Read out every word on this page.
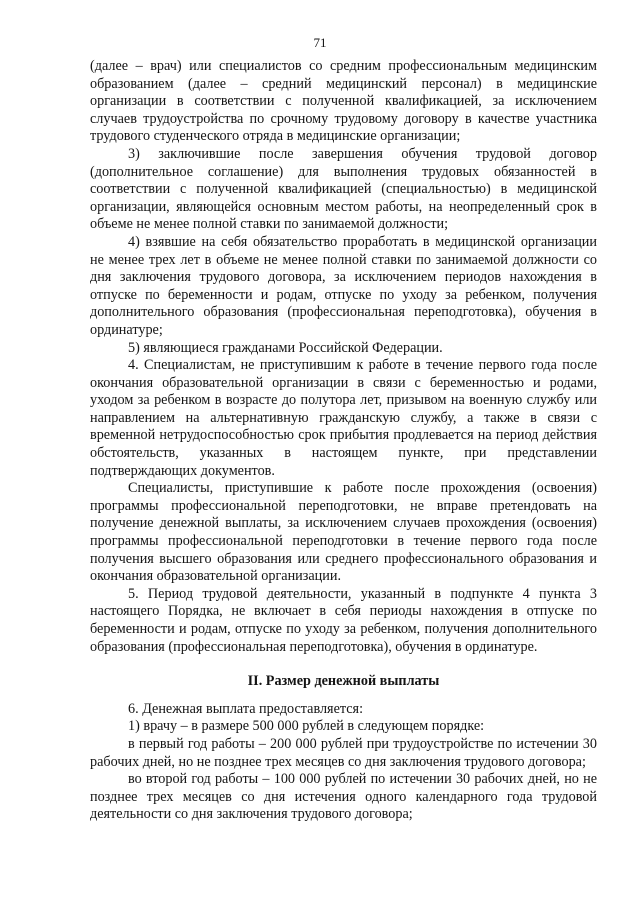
71

(далее – врач) или специалистов со средним профессиональным медицинским образованием (далее – средний медицинский персонал) в медицинские организации в соответствии с полученной квалификацией, за исключением случаев трудоустройства по срочному трудовому договору в качестве участника трудового студенческого отряда в медицинские организации;

3) заключившие после завершения обучения трудовой договор (дополнительное соглашение) для выполнения трудовых обязанностей в соответствии с полученной квалификацией (специальностью) в медицинской организации, являющейся основным местом работы, на неопределенный срок в объеме не менее полной ставки по занимаемой должности;

4) взявшие на себя обязательство проработать в медицинской организации не менее трех лет в объеме не менее полной ставки по занимаемой должности со дня заключения трудового договора, за исключением периодов нахождения в отпуске по беременности и родам, отпуске по уходу за ребенком, получения дополнительного образования (профессиональная переподготовка), обучения в ординатуре;

5) являющиеся гражданами Российской Федерации.

4. Специалистам, не приступившим к работе в течение первого года после окончания образовательной организации в связи с беременностью и родами, уходом за ребенком в возрасте до полутора лет, призывом на военную службу или направлением на альтернативную гражданскую службу, а также в связи с временной нетрудоспособностью срок прибытия продлевается на период действия обстоятельств, указанных в настоящем пункте, при представлении подтверждающих документов.

Специалисты, приступившие к работе после прохождения (освоения) программы профессиональной переподготовки, не вправе претендовать на получение денежной выплаты, за исключением случаев прохождения (освоения) программы профессиональной переподготовки в течение первого года после получения высшего образования или среднего профессионального образования и окончания образовательной организации.

5. Период трудовой деятельности, указанный в подпункте 4 пункта 3 настоящего Порядка, не включает в себя периоды нахождения в отпуске по беременности и родам, отпуске по уходу за ребенком, получения дополнительного образования (профессиональная переподготовка), обучения в ординатуре.

II. Размер денежной выплаты

6. Денежная выплата предоставляется:

1) врачу – в размере 500 000 рублей в следующем порядке:

в первый год работы – 200 000 рублей при трудоустройстве по истечении 30 рабочих дней, но не позднее трех месяцев со дня заключения трудового договора;

во второй год работы – 100 000 рублей по истечении 30 рабочих дней, но не позднее трех месяцев со дня истечения одного календарного года трудовой деятельности со дня заключения трудового договора;
